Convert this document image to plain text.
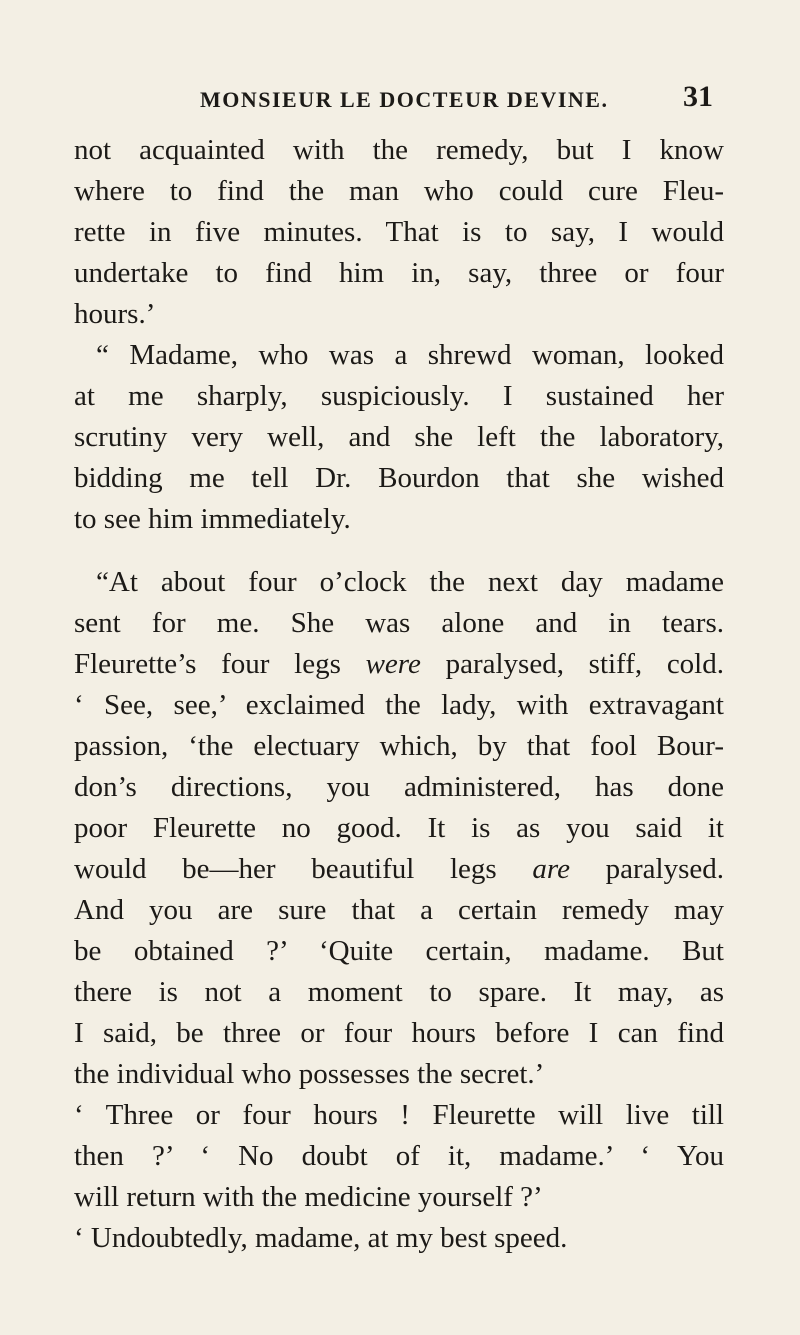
MONSIEUR LE DOCTEUR DEVINE. 31
not acquainted with the remedy, but I know
where to find the man who could cure Fleu-
rette in five minutes. That is to say, I would
undertake to find him in, say, three or four
hours.’
“ Madame, who was a shrewd woman, looked
at me sharply, suspiciously. I sustained her
scrutiny very well, and she left the laboratory,
bidding me tell Dr. Bourdon that she wished
to see him immediately.
“At about four o’clock the next day madame
sent for me. She was alone and in tears.
Fleurette’s four legs were paralysed, stiff, cold.
‘ See, see,’ exclaimed the lady, with extravagant
passion, ‘the electuary which, by that fool Bour-
don’s directions, you administered, has done
poor Fleurette no good. It is as you said it
would be—her beautiful legs are paralysed.
And you are sure that a certain remedy may
be obtained ?’ ‘Quite certain, madame. But
there is not a moment to spare. It may, as
I said, be three or four hours before I can find
the individual who possesses the secret.’
‘ Three or four hours ! Fleurette will live till
then ?’ ‘ No doubt of it, madame.’ ‘ You
will return with the medicine yourself ?’
‘ Undoubtedly, madame, at my best speed.
